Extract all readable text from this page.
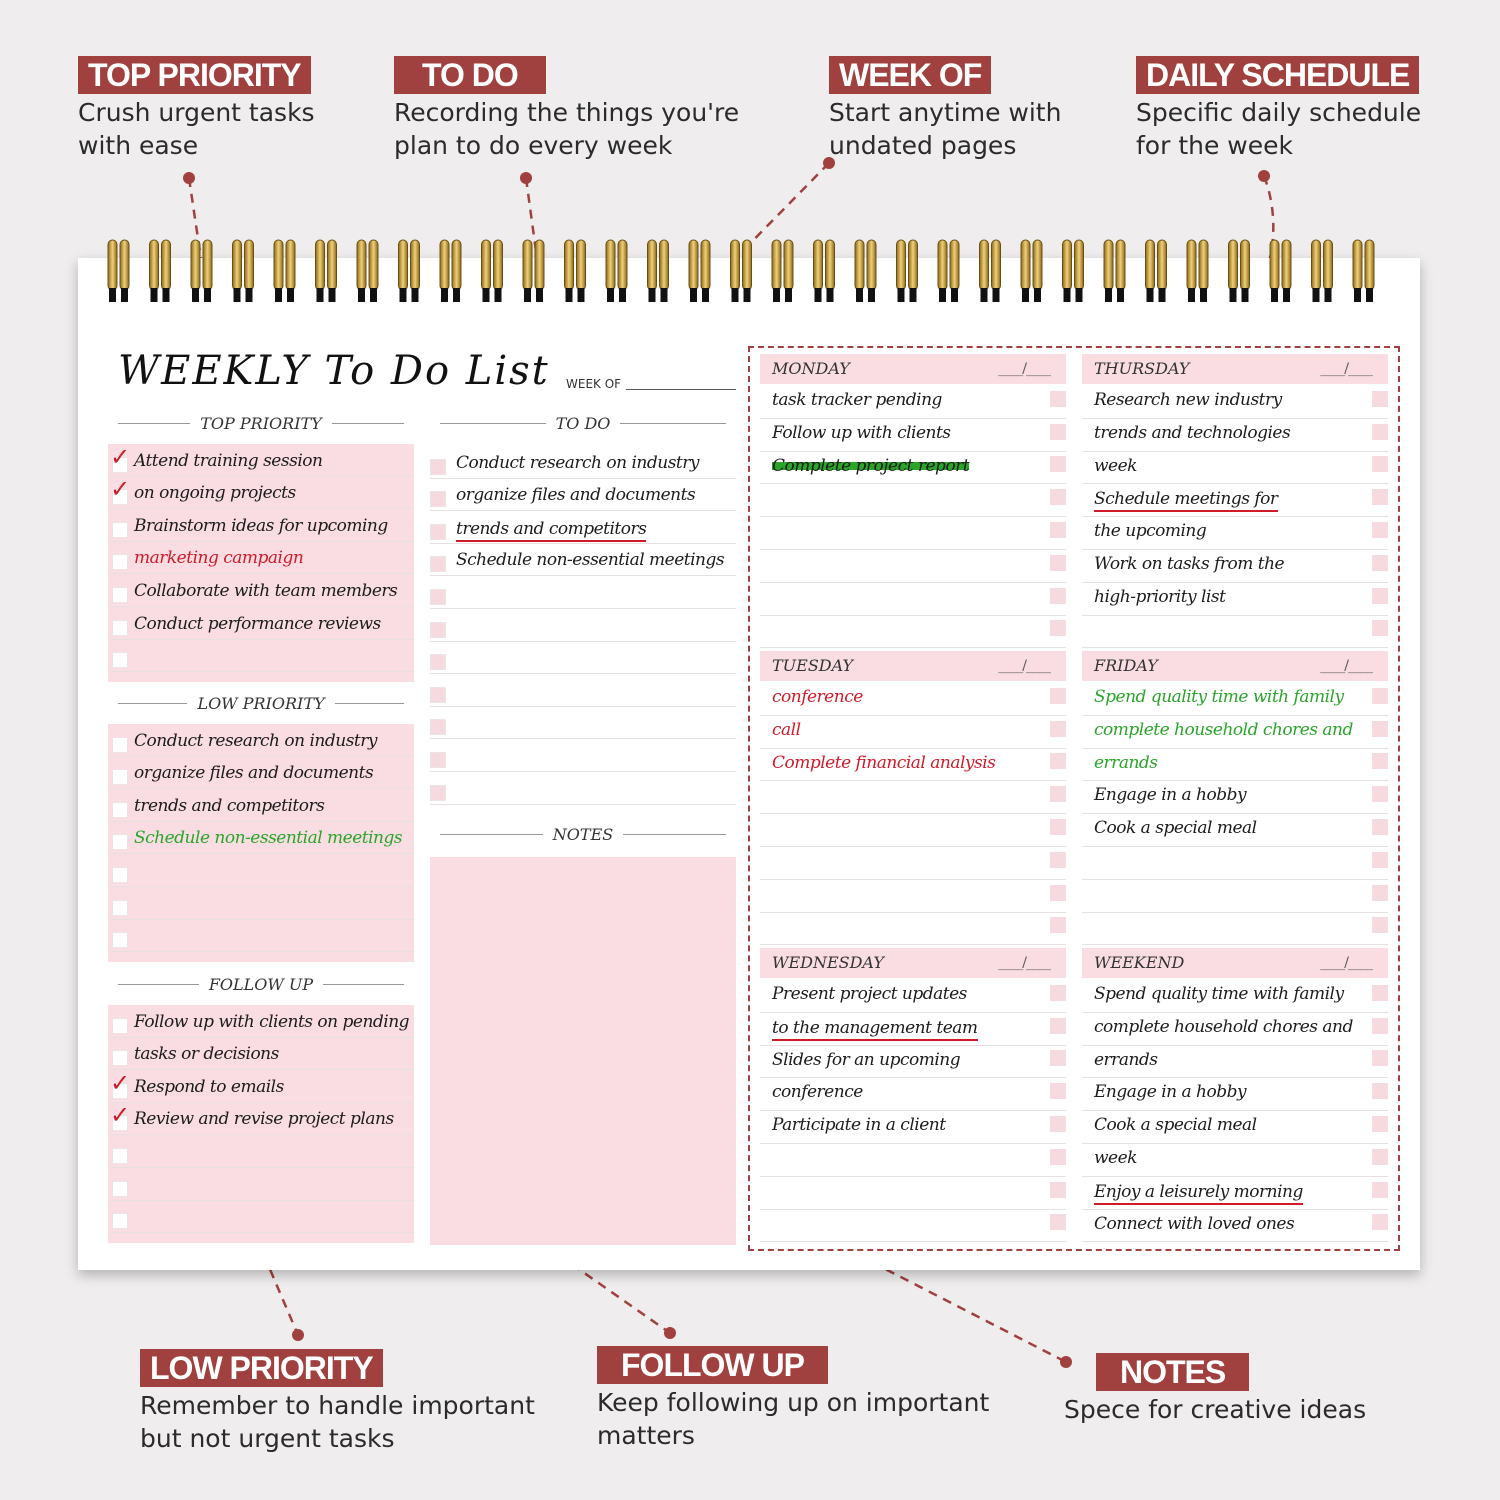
TOP PRIORITY
Crush urgent tasks
with ease
TO DO
Recording the things you're
plan to do every week
WEEK OF
Start anytime with
undated pages
DAILY SCHEDULE
Specific daily schedule
for the week
WEEKLY To Do List WEEK OF
TOP PRIORITY
Attend training session
✓
on ongoing projects
✓
Brainstorm ideas for upcoming
marketing campaign
Collaborate with team members
Conduct performance reviews
LOW PRIORITY
Conduct research on industry
organize files and documents
trends and competitors
Schedule non-essential meetings
FOLLOW UP
Follow up with clients on pending
tasks or decisions
Respond to emails
✓
Review and revise project plans
✓
TO DO
Conduct research on industry
organize files and documents
trends and competitors
Schedule non-essential meetings
NOTES
MONDAY	____/____
task tracker pending
Follow up with clients
Complete project report
TUESDAY	____/____
conference
call
Complete financial analysis
WEDNESDAY	____/____
Present project updates
to the management team
Slides for an upcoming
conference
Participate in a client
THURSDAY	____/____
Research new industry
trends and technologies
week
Schedule meetings for
the upcoming
Work on tasks from the
high-priority list
FRIDAY	____/____
Spend quality time with family
complete household chores and
errands
Engage in a hobby
Cook a special meal
WEEKEND	____/____
Spend quality time with family
complete household chores and
errands
Engage in a hobby
Cook a special meal
week
Enjoy a leisurely morning
Connect with loved ones
LOW PRIORITY
Remember to handle important
but not urgent tasks
FOLLOW UP
Keep following up on important
matters
NOTES
Spece for creative ideas
